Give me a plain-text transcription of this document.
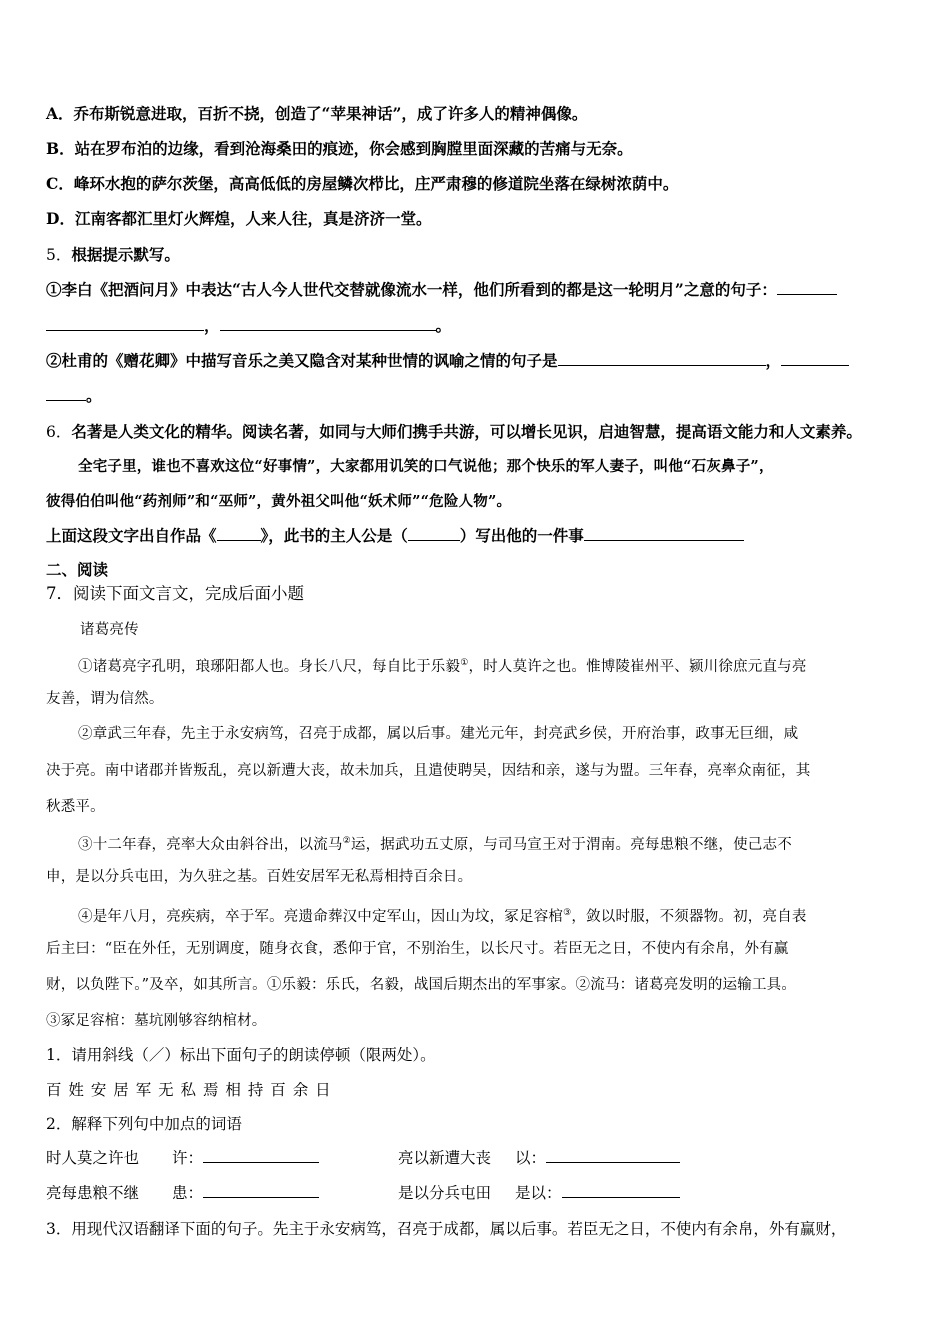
A．乔布斯锐意进取，百折不挠，创造了“苹果神话”，成了许多人的精神偶像。
B．站在罗布泊的边缘，看到沧海桑田的痕迹，你会感到胸膛里面深藏的苦痛与无奈。
C．峰环水抱的萨尔茨堡，高高低低的房屋鳞次栉比，庄严肃穆的修道院坐落在绿树浓荫中。
D．江南客都汇里灯火辉煌，人来人往，真是济济一堂。
5．根据提示默写。
①李白《把酒问月》中表达“古人今人世代交替就像流水一样，他们所看到的都是这一轮明月”之意的句子：
，	。
②杜甫的《赠花卿》中描写音乐之美又隐含对某种世情的讽喻之情的句子是	，
。
6．名著是人类文化的精华。阅读名著，如同与大师们携手共游，可以增长见识，启迪智慧，提高语文能力和人文素养。
全宅子里，谁也不喜欢这位“好事情”，大家都用讥笑的口气说他；那个快乐的军人妻子，叫他“石灰鼻子”，
彼得伯伯叫他“药剂师”和“巫师”，黄外祖父叫他“妖术师”“危险人物”。
上面这段文字出自作品《	》，此书的主人公是（	）写出他的一件事
二、阅读
7．阅读下面文言文，完成后面小题
诸葛亮传
①诸葛亮字孔明，琅琊阳都人也。身长八尺，每自比于乐毅①，时人莫许之也。惟博陵崔州平、颍川徐庶元直与亮
友善，谓为信然。
②章武三年春，先主于永安病笃，召亮于成都，属以后事。建光元年，封亮武乡侯，开府治事，政事无巨细，咸
决于亮。南中诸郡并皆叛乱，亮以新遭大丧，故未加兵，且遣使聘吴，因结和亲，遂与为盟。三年春，亮率众南征，其
秋悉平。
③十二年春，亮率大众由斜谷出，以流马②运，据武功五丈原，与司马宣王对于渭南。亮每患粮不继，使己志不
申，是以分兵屯田，为久驻之基。百姓安居军无私焉相持百余日。
④是年八月，亮疾病，卒于军。亮遗命葬汉中定军山，因山为坟，冢足容棺③，敛以时服，不须器物。初，亮自表
后主曰：“臣在外任，无别调度，随身衣食，悉仰于官，不别治生，以长尺寸。若臣无之日，不使内有余帛，外有赢
财，以负陛下。”及卒，如其所言。①乐毅：乐氏，名毅，战国后期杰出的军事家。②流马：诸葛亮发明的运输工具。
③冢足容棺：墓坑刚够容纳棺材。
1．请用斜线（／）标出下面句子的朗读停顿（限两处）。
百 姓 安 居 军 无 私 焉 相 持 百 余 日
2．解释下列句中加点的词语
时人莫之许也 许：	亮以新遭大丧 以：
亮每患粮不继 患：	是以分兵屯田 是以：
3．用现代汉语翻译下面的句子。先主于永安病笃，召亮于成都，属以后事。若臣无之日，不使内有余帛，外有赢财，
